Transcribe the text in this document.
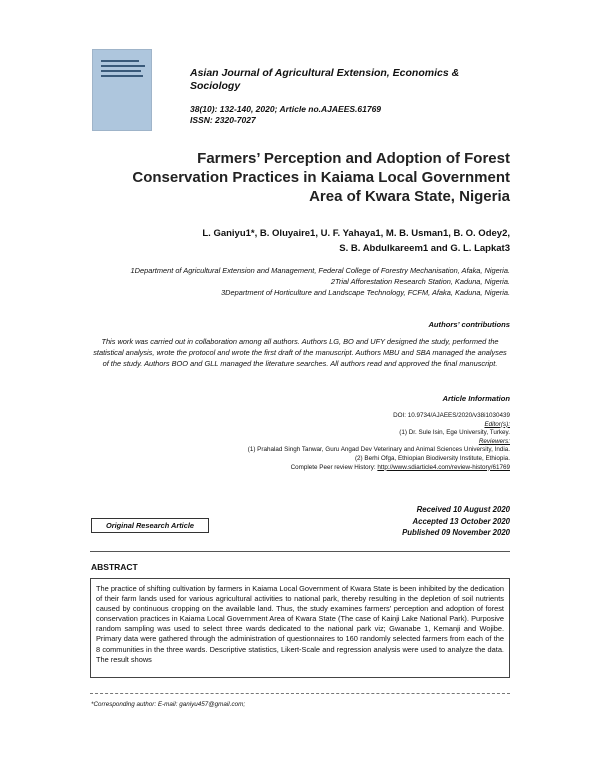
Asian Journal of Agricultural Extension, Economics & Sociology
38(10): 132-140, 2020; Article no.AJAEES.61769
ISSN: 2320-7027
Farmers’ Perception and Adoption of Forest Conservation Practices in Kaiama Local Government Area of Kwara State, Nigeria
L. Ganiyu1*, B. Oluyaire1, U. F. Yahaya1, M. B. Usman1, B. O. Odey2,
S. B. Abdulkareem1 and G. L. Lapkat3
1Department of Agricultural Extension and Management, Federal College of Forestry Mechanisation, Afaka, Nigeria.
2Trial Afforestation Research Station, Kaduna, Nigeria.
3Department of Horticulture and Landscape Technology, FCFM, Afaka, Kaduna, Nigeria.
Authors’ contributions
This work was carried out in collaboration among all authors. Authors LG, BO and UFY designed the study, performed the statistical analysis, wrote the protocol and wrote the first draft of the manuscript. Authors MBU and SBA managed the analyses of the study. Authors BOO and GLL managed the literature searches. All authors read and approved the final manuscript.
Article Information
DOI: 10.9734/AJAEES/2020/v38i1030439
Editor(s):
(1) Dr. Sule Isin, Ege University, Turkey.
Reviewers:
(1) Prahalad Singh Tanwar, Guru Angad Dev Veterinary and Animal Sciences University, India.
(2) Berhi Ofga, Ethiopian Biodiversity Institute, Ethiopia.
Complete Peer review History: http://www.sdiarticle4.com/review-history/61769
Received 10 August 2020
Accepted 13 October 2020
Published 09 November 2020
Original Research Article
ABSTRACT
The practice of shifting cultivation by farmers in Kaiama Local Government of Kwara State is been inhibited by the dedication of their farm lands used for various agricultural activities to national park, thereby resulting in the depletion of soil nutrients caused by continuous cropping on the available land. Thus, the study examines farmers’ perception and adoption of forest conservation practices in Kaiama Local Government Area of Kwara State (The case of Kainji Lake National Park). Purposive random sampling was used to select three wards dedicated to the national park viz; Gwanabe 1, Kemanji and Wojibe. Primary data were gathered through the administration of questionnaires to 160 randomly selected farmers from each of the 8 communities in the three wards. Descriptive statistics, Likert-Scale and regression analysis were used to analyze the data. The result shows
*Corresponding author: E-mail: ganiyu457@gmail.com;
